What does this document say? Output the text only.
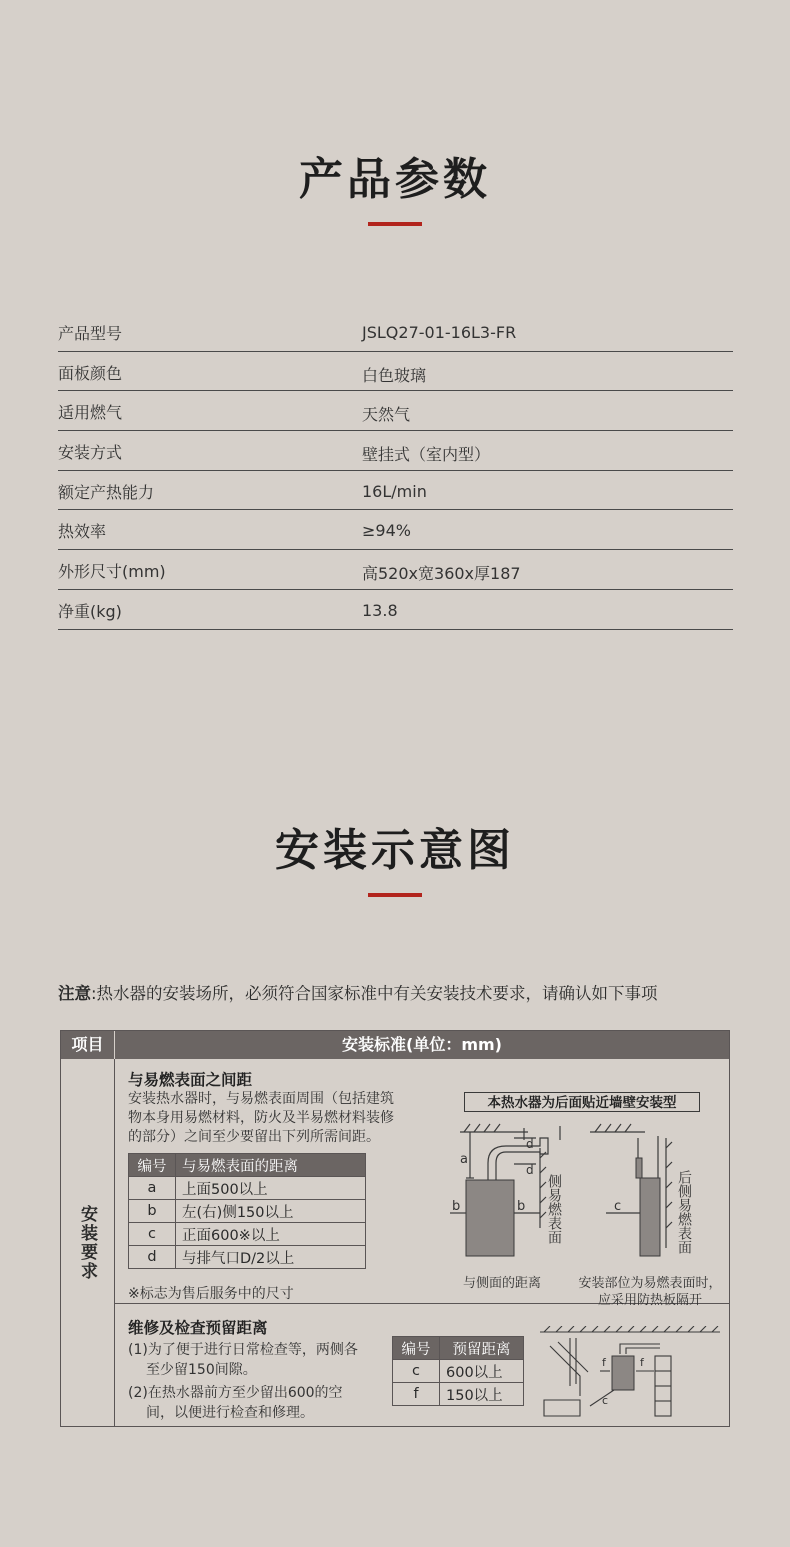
产品参数
产品型号	JSLQ27-01-16L3-FR
面板颜色	白色玻璃
适用燃气	天然气
安装方式	壁挂式（室内型）
额定产热能力	16L/min
热效率	≥94%
外形尺寸(mm)	高520x宽360x厚187
净重(kg)	13.8
安装示意图
注意:热水器的安装场所，必须符合国家标准中有关安装技术要求，请确认如下事项
项目	安装标准(单位：mm)
安装要求
与易燃表面之间距
安装热水器时，与易燃表面周围（包括建筑
物本身用易燃材料，防火及半易燃材料装修
的部分）之间至少要留出下列所需间距。
编号	与易燃表面的距离
a	上面500以上
b	左(右)侧150以上
c	正面600※以上
d	与排气口D/2以上
※标志为售后服务中的尺寸
本热水器为后面贴近墙壁安装型
a
b	b
d
d
c
侧易燃表面	后侧易燃表面
与侧面的距离	安装部位为易燃表面时，
应采用防热板隔开
维修及检查预留距离
(1)为了便于进行日常检查等，两侧各
至少留150间隙。
(2)在热水器前方至少留出600的空
间，以便进行检查和修理。
编号	预留距离
c	600以上
f	150以上
f	f
c
